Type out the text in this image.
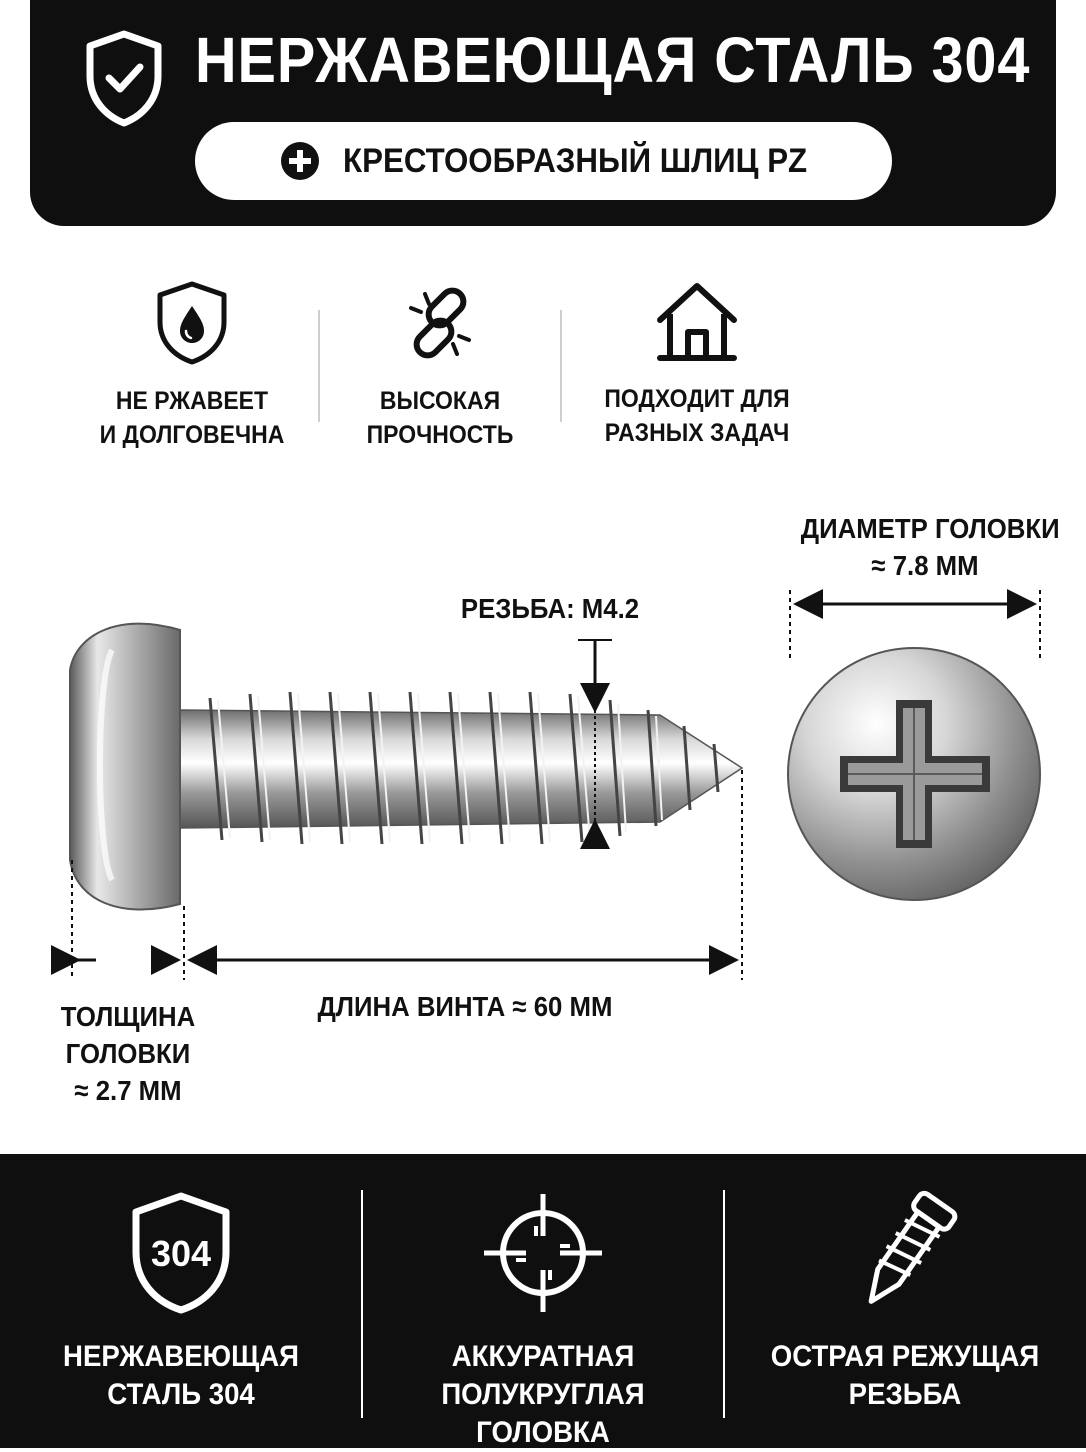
НЕРЖАВЕЮЩАЯ СТАЛЬ 304
КРЕСТООБРАЗНЫЙ ШЛИЦ PZ
НЕ РЖАВЕЕТ
И ДОЛГОВЕЧНА
ВЫСОКАЯ
ПРОЧНОСТЬ
ПОДХОДИТ ДЛЯ
РАЗНЫХ ЗАДАЧ
ДИАМЕТР ГОЛОВКИ
≈ 7.8 ММ
РЕЗЬБА: М4.2
ДЛИНА ВИНТА ≈ 60 ММ
ТОЛЩИНА
ГОЛОВКИ
≈ 2.7 ММ
304
НЕРЖАВЕЮЩАЯ
СТАЛЬ 304
АККУРАТНАЯ
ПОЛУКРУГЛАЯ ГОЛОВКА
ОСТРАЯ РЕЖУЩАЯ
РЕЗЬБА
